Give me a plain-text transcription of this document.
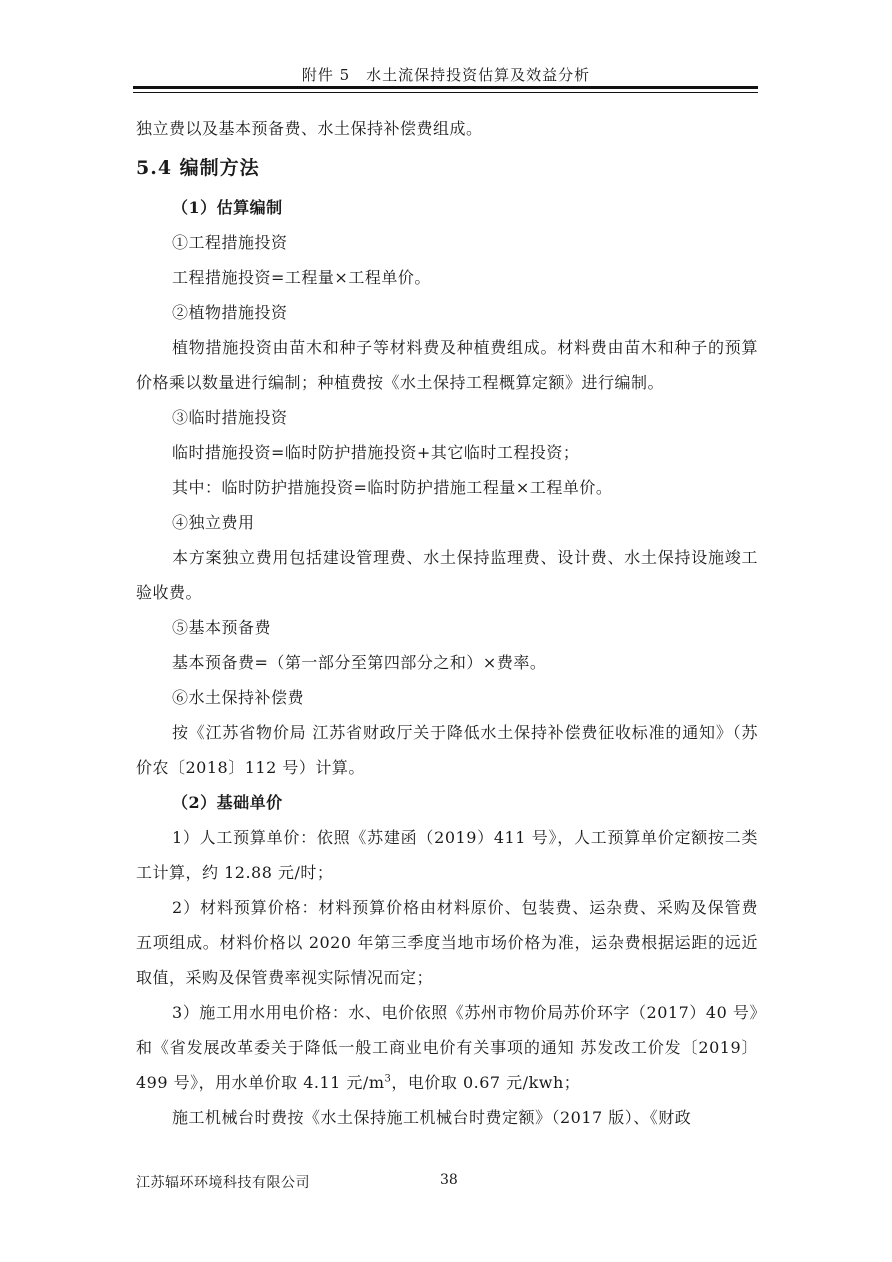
附件 5　水土流保持投资估算及效益分析

独立费以及基本预备费、水土保持补偿费组成。

5.4 编制方法

（1）估算编制

①工程措施投资

工程措施投资=工程量×工程单价。

②植物措施投资

植物措施投资由苗木和种子等材料费及种植费组成。材料费由苗木和种子的预算价格乘以数量进行编制；种植费按《水土保持工程概算定额》进行编制。

③临时措施投资

临时措施投资=临时防护措施投资+其它临时工程投资；

其中：临时防护措施投资=临时防护措施工程量×工程单价。

④独立费用

本方案独立费用包括建设管理费、水土保持监理费、设计费、水土保持设施竣工验收费。

⑤基本预备费

基本预备费=（第一部分至第四部分之和）×费率。

⑥水土保持补偿费

按《江苏省物价局 江苏省财政厅关于降低水土保持补偿费征收标准的通知》（苏价农〔2018〕112 号）计算。

（2）基础单价

1）人工预算单价：依照《苏建函（2019）411 号》，人工预算单价定额按二类工计算，约 12.88 元/时；

2）材料预算价格：材料预算价格由材料原价、包装费、运杂费、采购及保管费五项组成。材料价格以 2020 年第三季度当地市场价格为准，运杂费根据运距的远近取值，采购及保管费率视实际情况而定；

3）施工用水用电价格：水、电价依照《苏州市物价局苏价环字（2017）40 号》和《省发展改革委关于降低一般工商业电价有关事项的通知 苏发改工价发〔2019〕499 号》，用水单价取 4.11 元$/m^3$，电价取 0.67 元/kwh；

施工机械台时费按《水土保持施工机械台时费定额》（2017 版）、《财政

江苏辐环环境科技有限公司	38
